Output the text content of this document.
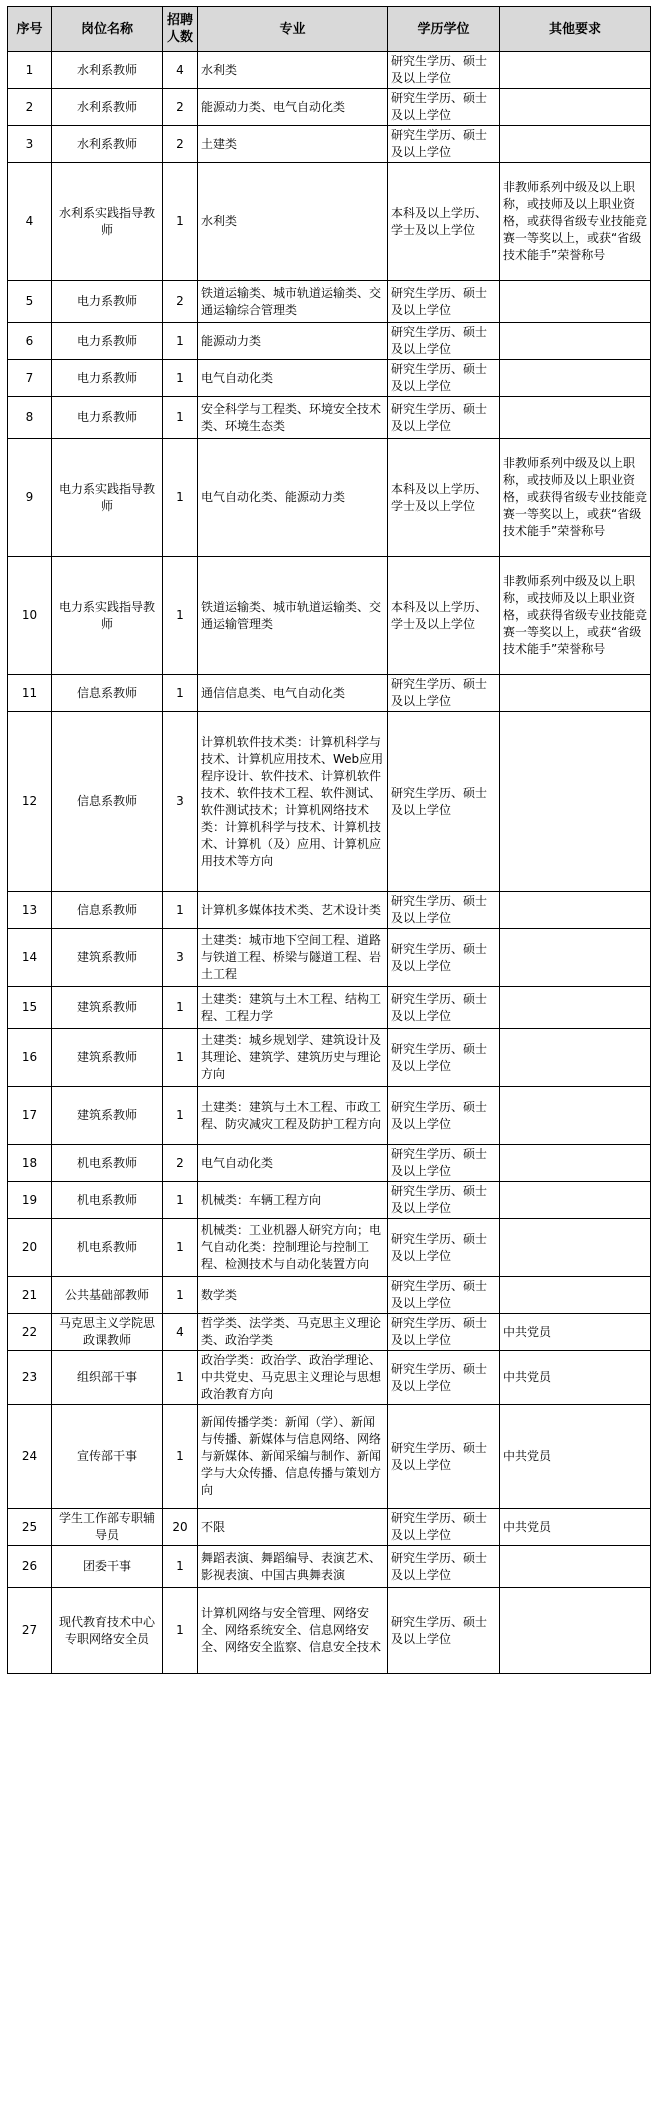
序号	岗位名称	招聘人数	专业	学历学位	其他要求
1	水利系教师	4	水利类	研究生学历、硕士及以上学位	
2	水利系教师	2	能源动力类、电气自动化类	研究生学历、硕士及以上学位	
3	水利系教师	2	土建类	研究生学历、硕士及以上学位	
4	水利系实践指导教师	1	水利类	本科及以上学历、学士及以上学位	非教师系列中级及以上职称，或技师及以上职业资格，或获得省级专业技能竞赛一等奖以上，或获“省级技术能手”荣誉称号
5	电力系教师	2	铁道运输类、城市轨道运输类、交通运输综合管理类	研究生学历、硕士及以上学位	
6	电力系教师	1	能源动力类	研究生学历、硕士及以上学位	
7	电力系教师	1	电气自动化类	研究生学历、硕士及以上学位	
8	电力系教师	1	安全科学与工程类、环境安全技术类、环境生态类	研究生学历、硕士及以上学位	
9	电力系实践指导教师	1	电气自动化类、能源动力类	本科及以上学历、学士及以上学位	非教师系列中级及以上职称，或技师及以上职业资格，或获得省级专业技能竞赛一等奖以上，或获“省级技术能手”荣誉称号
10	电力系实践指导教师	1	铁道运输类、城市轨道运输类、交通运输管理类	本科及以上学历、学士及以上学位	非教师系列中级及以上职称，或技师及以上职业资格，或获得省级专业技能竞赛一等奖以上，或获“省级技术能手”荣誉称号
11	信息系教师	1	通信信息类、电气自动化类	研究生学历、硕士及以上学位	
12	信息系教师	3	计算机软件技术类：计算机科学与技术、计算机应用技术、Web应用程序设计、软件技术、计算机软件技术、软件技术工程、软件测试、软件测试技术；计算机网络技术类：计算机科学与技术、计算机技术、计算机（及）应用、计算机应用技术等方向	研究生学历、硕士及以上学位	
13	信息系教师	1	计算机多媒体技术类、艺术设计类	研究生学历、硕士及以上学位	
14	建筑系教师	3	土建类：城市地下空间工程、道路与铁道工程、桥梁与隧道工程、岩土工程	研究生学历、硕士及以上学位	
15	建筑系教师	1	土建类：建筑与土木工程、结构工程、工程力学	研究生学历、硕士及以上学位	
16	建筑系教师	1	土建类：城乡规划学、建筑设计及其理论、建筑学、建筑历史与理论方向	研究生学历、硕士及以上学位	
17	建筑系教师	1	土建类：建筑与土木工程、市政工程、防灾减灾工程及防护工程方向	研究生学历、硕士及以上学位	
18	机电系教师	2	电气自动化类	研究生学历、硕士及以上学位	
19	机电系教师	1	机械类：车辆工程方向	研究生学历、硕士及以上学位	
20	机电系教师	1	机械类：工业机器人研究方向；电气自动化类：控制理论与控制工程、检测技术与自动化装置方向	研究生学历、硕士及以上学位	
21	公共基础部教师	1	数学类	研究生学历、硕士及以上学位	
22	马克思主义学院思政课教师	4	哲学类、法学类、马克思主义理论类、政治学类	研究生学历、硕士及以上学位	中共党员
23	组织部干事	1	政治学类：政治学、政治学理论、中共党史、马克思主义理论与思想政治教育方向	研究生学历、硕士及以上学位	中共党员
24	宣传部干事	1	新闻传播学类：新闻（学）、新闻与传播、新媒体与信息网络、网络与新媒体、新闻采编与制作、新闻学与大众传播、信息传播与策划方向	研究生学历、硕士及以上学位	中共党员
25	学生工作部专职辅导员	20	不限	研究生学历、硕士及以上学位	中共党员
26	团委干事	1	舞蹈表演、舞蹈编导、表演艺术、影视表演、中国古典舞表演	研究生学历、硕士及以上学位	
27	现代教育技术中心专职网络安全员	1	计算机网络与安全管理、网络安全、网络系统安全、信息网络安全、网络安全监察、信息安全技术	研究生学历、硕士及以上学位	
